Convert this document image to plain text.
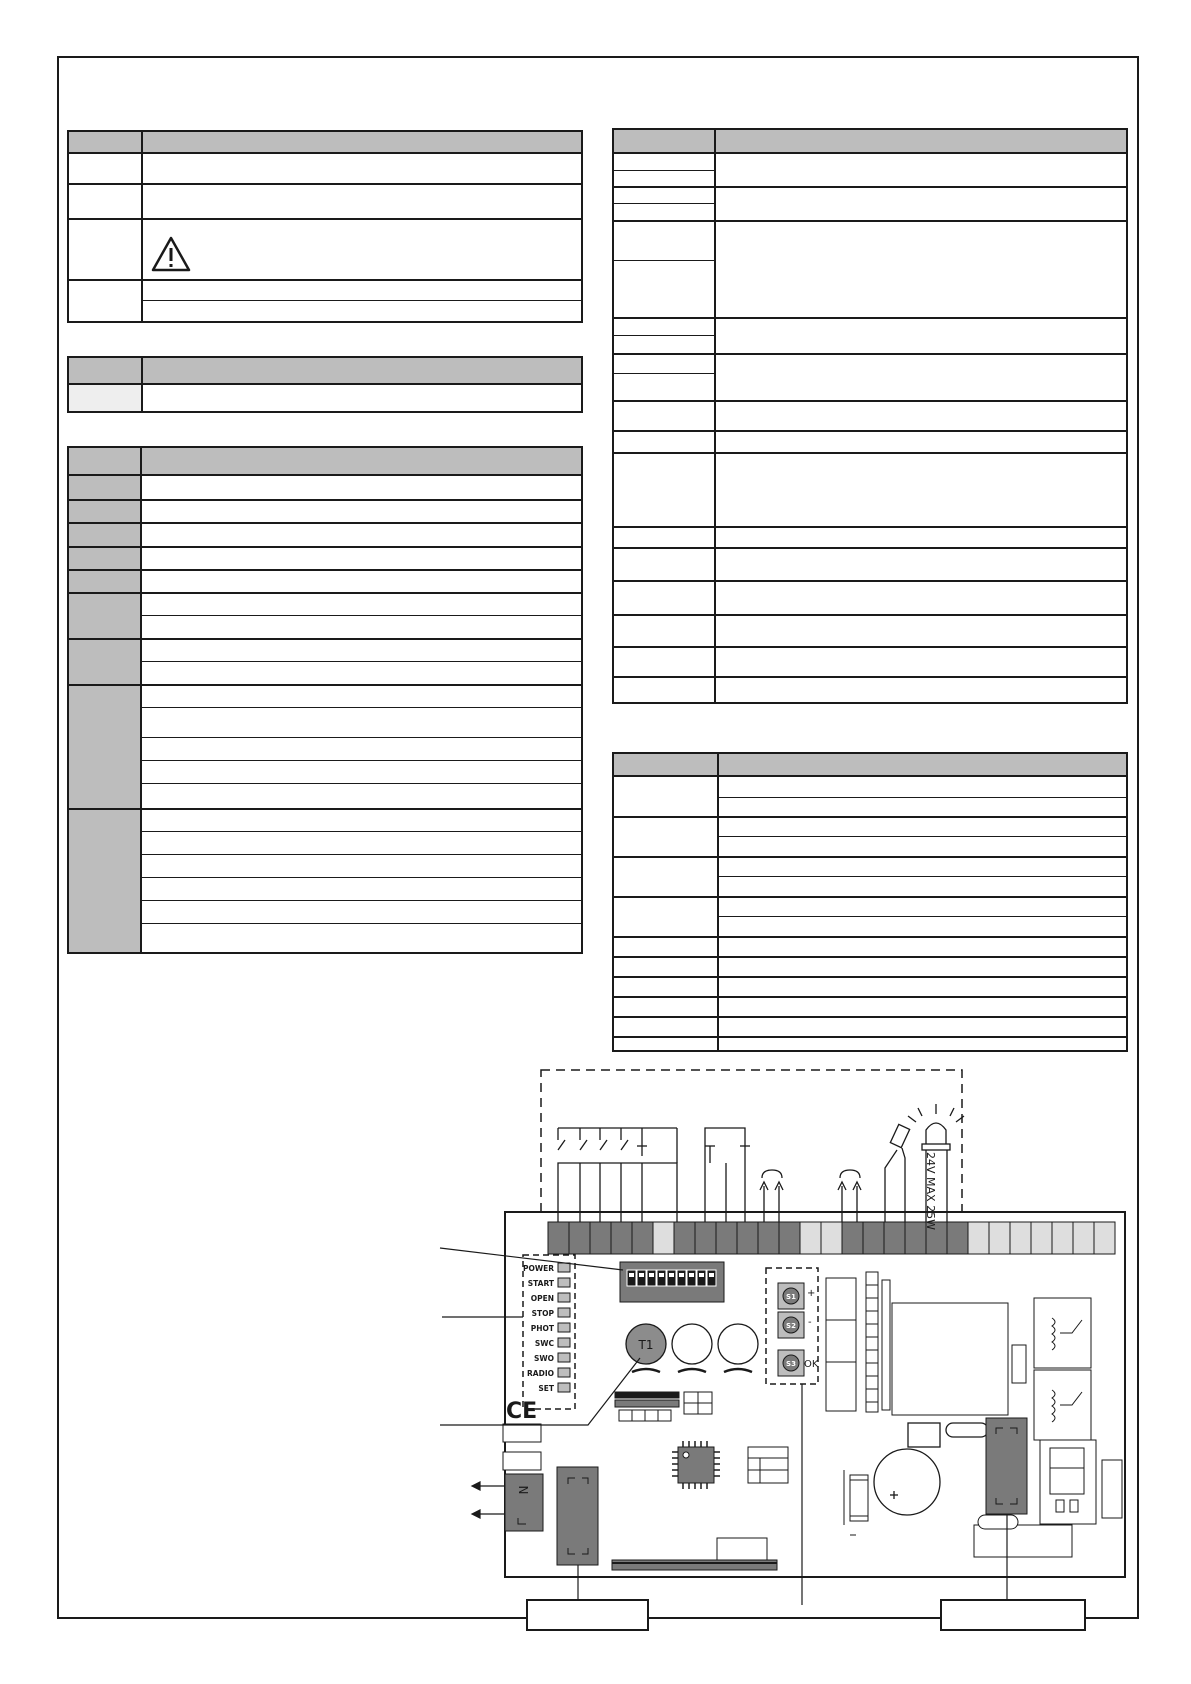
24V MAX 25W
POWER
START
OPEN
STOP
PHOT
SWC
SWO
RADIO
SET
T1
S1
S2
S3
+
-
OK
CE
N
